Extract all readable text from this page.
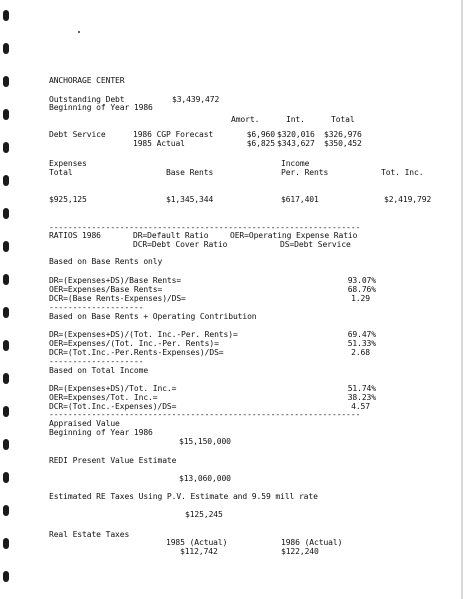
ANCHORAGE CENTER
Outstanding Debt	$3,439,472
Beginning of Year 1986
Amort.	Int.	Total
Debt Service	1986 CGP Forecast	$6,960 $320,016 $326,976
1985 Actual	$6,825 $343,627 $350,452
Expenses	Income
Total	Base Rents	Per. Rents	Tot. Inc.
$925,125	$1,345,344	$617,401	$2,419,792
------------------------------------------------------------------
RATIOS 1986	DR=Default Ratio	OER=Operating Expense Ratio
DCR=Debt Cover Ratio	DS=Debt Service
Based on Base Rents only
DR=(Expenses+DS)/Base Rents=	93.07%
OER=Expenses/Base Rents=	68.76%
DCR=(Base Rents-Expenses)/DS=	1.29
--------------------
Based on Base Rents + Operating Contribution
DR=(Expenses+DS)/(Tot. Inc.-Per. Rents)=	69.47%
OER=Expenses/(Tot. Inc.-Per. Rents)=	51.33%
DCR=(Tot.Inc.-Per.Rents-Expenses)/DS=	2.68
--------------------
Based on Total Income
DR=(Expenses+DS)/Tot. Inc.=	51.74%
OER=Expenses/Tot. Inc.=	38.23%
DCR=(Tot.Inc.-Expenses)/DS=	4.57
------------------------------------------------------------------
Appraised Value
Beginning of Year 1986
$15,150,000
REDI Present Value Estimate
$13,060,000
Estimated RE Taxes Using P.V. Estimate and 9.59 mill rate
$125,245
Real Estate Taxes
1985 (Actual)	1986 (Actual)
$112,742	$122,240
